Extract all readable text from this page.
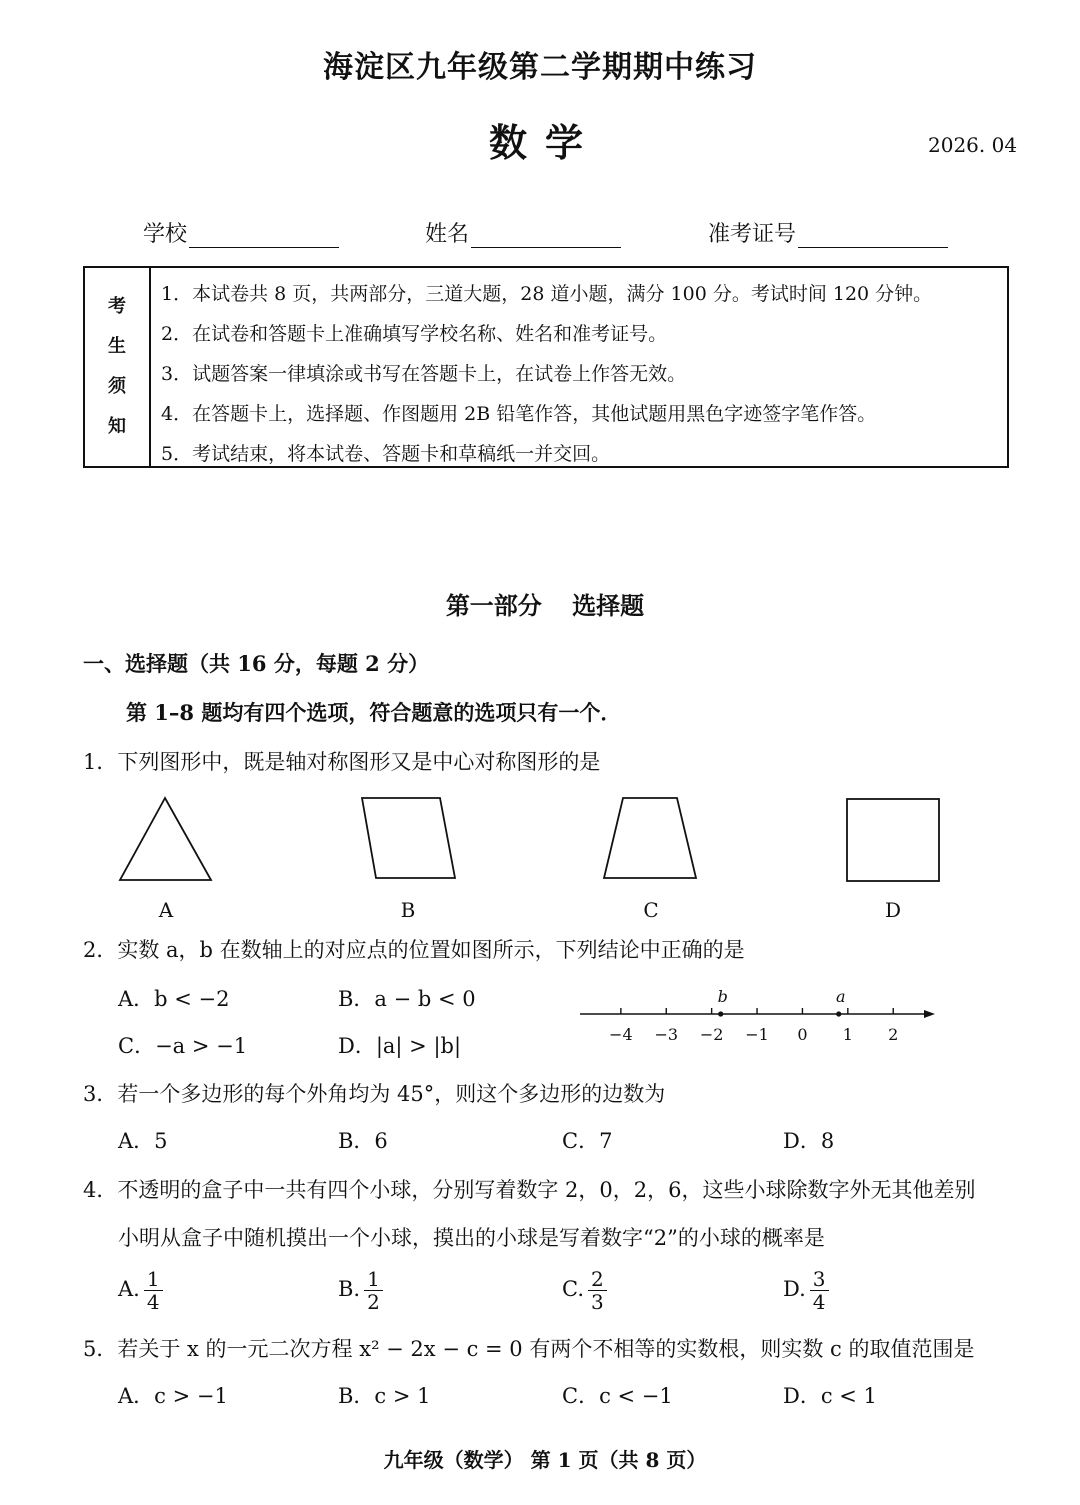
海淀区九年级第二学期期中练习
数学	2026. 04
学校	姓名	准考证号
考
生
须
知
1．本试卷共 8 页，共两部分，三道大题，28 道小题，满分 100 分。考试时间 120 分钟。
2．在试卷和答题卡上准确填写学校名称、姓名和准考证号。
3．试题答案一律填涂或书写在答题卡上，在试卷上作答无效。
4．在答题卡上，选择题、作图题用 2B 铅笔作答，其他试题用黑色字迹签字笔作答。
5．考试结束，将本试卷、答题卡和草稿纸一并交回。
第一部分 选择题
一、选择题（共 16 分，每题 2 分）
第 1–8 题均有四个选项，符合题意的选项只有一个．
1．下列图形中，既是轴对称图形又是中心对称图形的是
A	B	C	D
2．实数 a，b 在数轴上的对应点的位置如图所示，下列结论中正确的是
A．b < −2	B．a − b < 0
C．−a > −1	D．|a| > |b|	−4 −3 −2 −1 0 1 2
b	a
3．若一个多边形的每个外角均为 45°，则这个多边形的边数为
A．5	B．6	C．7	D．8
4．不透明的盒子中一共有四个小球，分别写着数字 2，0，2，6，这些小球除数字外无其他差别
小明从盒子中随机摸出一个小球，摸出的小球是写着数字“2”的小球的概率是
A. $\frac{1}{4}$	B. $\frac{1}{2}$	C. $\frac{2}{3}$	D. $\frac{3}{4}$
5．若关于 x 的一元二次方程 x² − 2x − c = 0 有两个不相等的实数根，则实数 c 的取值范围是
A．c > −1	B．c > 1	C．c < −1	D．c < 1
九年级（数学） 第 1 页（共 8 页）
